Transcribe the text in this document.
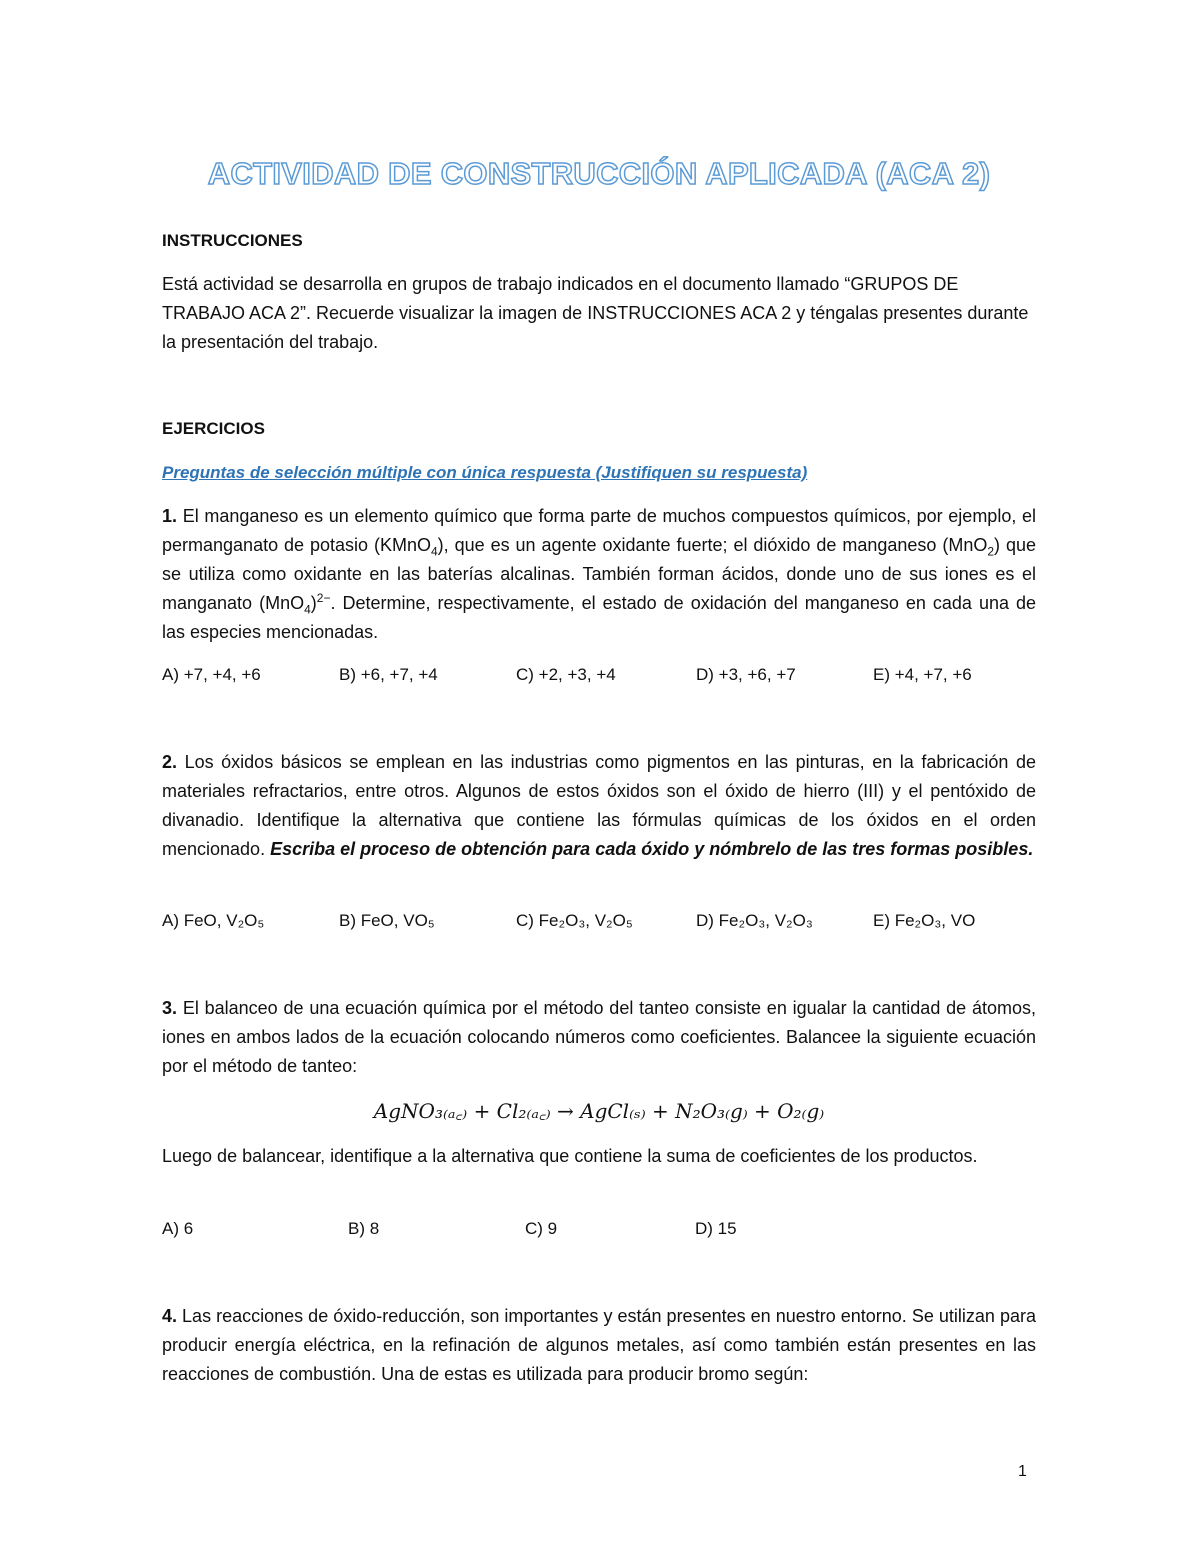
ACTIVIDAD DE CONSTRUCCIÓN APLICADA (ACA 2)
INSTRUCCIONES
Está actividad se desarrolla en grupos de trabajo indicados en el documento llamado “GRUPOS DE TRABAJO ACA 2”. Recuerde visualizar la imagen de INSTRUCCIONES ACA 2 y téngalas presentes durante la presentación del trabajo.
EJERCICIOS
Preguntas de selección múltiple con única respuesta (Justifiquen su respuesta)
1. El manganeso es un elemento químico que forma parte de muchos compuestos químicos, por ejemplo, el permanganato de potasio (KMnO$_4$), que es un agente oxidante fuerte; el dióxido de manganeso (MnO$_2$) que se utiliza como oxidante en las baterías alcalinas. También forman ácidos, donde uno de sus iones es el manganato $(MnO_4)^{2-}$. Determine, respectivamente, el estado de oxidación del manganeso en cada una de las especies mencionadas.
A) +7, +4, +6	B) +6, +7, +4	C) +2, +3, +4	D) +3, +6, +7	E) +4, +7, +6
2. Los óxidos básicos se emplean en las industrias como pigmentos en las pinturas, en la fabricación de materiales refractarios, entre otros. Algunos de estos óxidos son el óxido de hierro (III) y el pentóxido de divanadio. Identifique la alternativa que contiene las fórmulas químicas de los óxidos en el orden mencionado. Escriba el proceso de obtención para cada óxido y nómbrelo de las tres formas posibles.
A) FeO, V₂O₅	B) FeO, VO₅	C) Fe₂O₃, V₂O₅	D) Fe₂O₃, V₂O₃	E) Fe₂O₃, VO
3. El balanceo de una ecuación química por el método del tanteo consiste en igualar la cantidad de átomos, iones en ambos lados de la ecuación colocando números como coeficientes. Balancee la siguiente ecuación por el método de tanteo:
AgNO₃₍ₐ꜀₎ + Cl₂₍ₐ꜀₎ → AgCl₍ₛ₎ + N₂O₃₍g₎ + O₂₍g₎
Luego de balancear, identifique a la alternativa que contiene la suma de coeficientes de los productos.
A) 6	B) 8	C) 9	D) 15
4. Las reacciones de óxido-reducción, son importantes y están presentes en nuestro entorno. Se utilizan para producir energía eléctrica, en la refinación de algunos metales, así como también están presentes en las reacciones de combustión. Una de estas es utilizada para producir bromo según:
1
